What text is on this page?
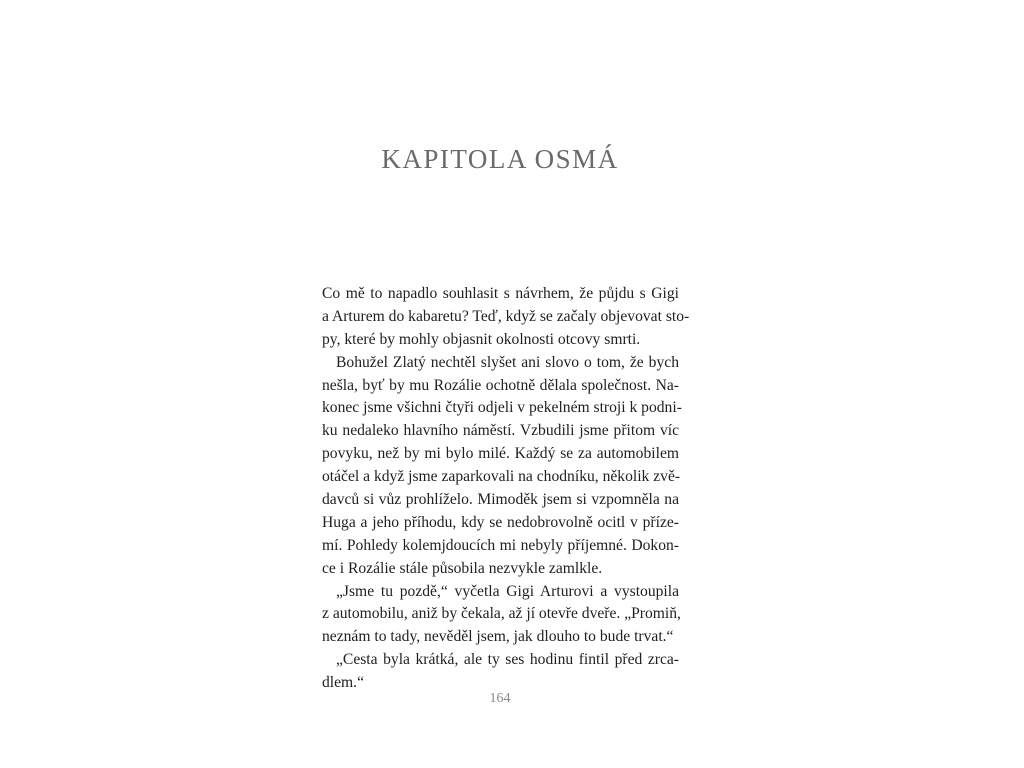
KAPITOLA OSMÁ
Co mě to napadlo souhlasit s návrhem, že půjdu s Gigi
a Arturem do kabaretu? Teď, když se začaly objevovat sto-
py, které by mohly objasnit okolnosti otcovy smrti.
Bohužel Zlatý nechtěl slyšet ani slovo o tom, že bych
nešla, byť by mu Rozálie ochotně dělala společnost. Na-
konec jsme všichni čtyři odjeli v pekelném stroji k podni-
ku nedaleko hlavního náměstí. Vzbudili jsme přitom víc
povyku, než by mi bylo milé. Každý se za automobilem
otáčel a když jsme zaparkovali na chodníku, několik zvě-
davců si vůz prohlíželo. Mimoděk jsem si vzpomněla na
Huga a jeho příhodu, kdy se nedobrovolně ocitl v přízе-
mí. Pohledy kolemjdoucích mi nebyly příjemné. Dokon-
ce i Rozálie stále působila nezvykle zamlkle.
„Jsme tu pozdě,“ vyčetla Gigi Arturovi a vystoupila
z automobilu, aniž by čekala, až jí otevře dveře. „Promiň,
neznám to tady, nevěděl jsem, jak dlouho to bude trvat.“
„Cesta byla krátká, ale ty ses hodinu fintil před zrca-
dlem.“
164
